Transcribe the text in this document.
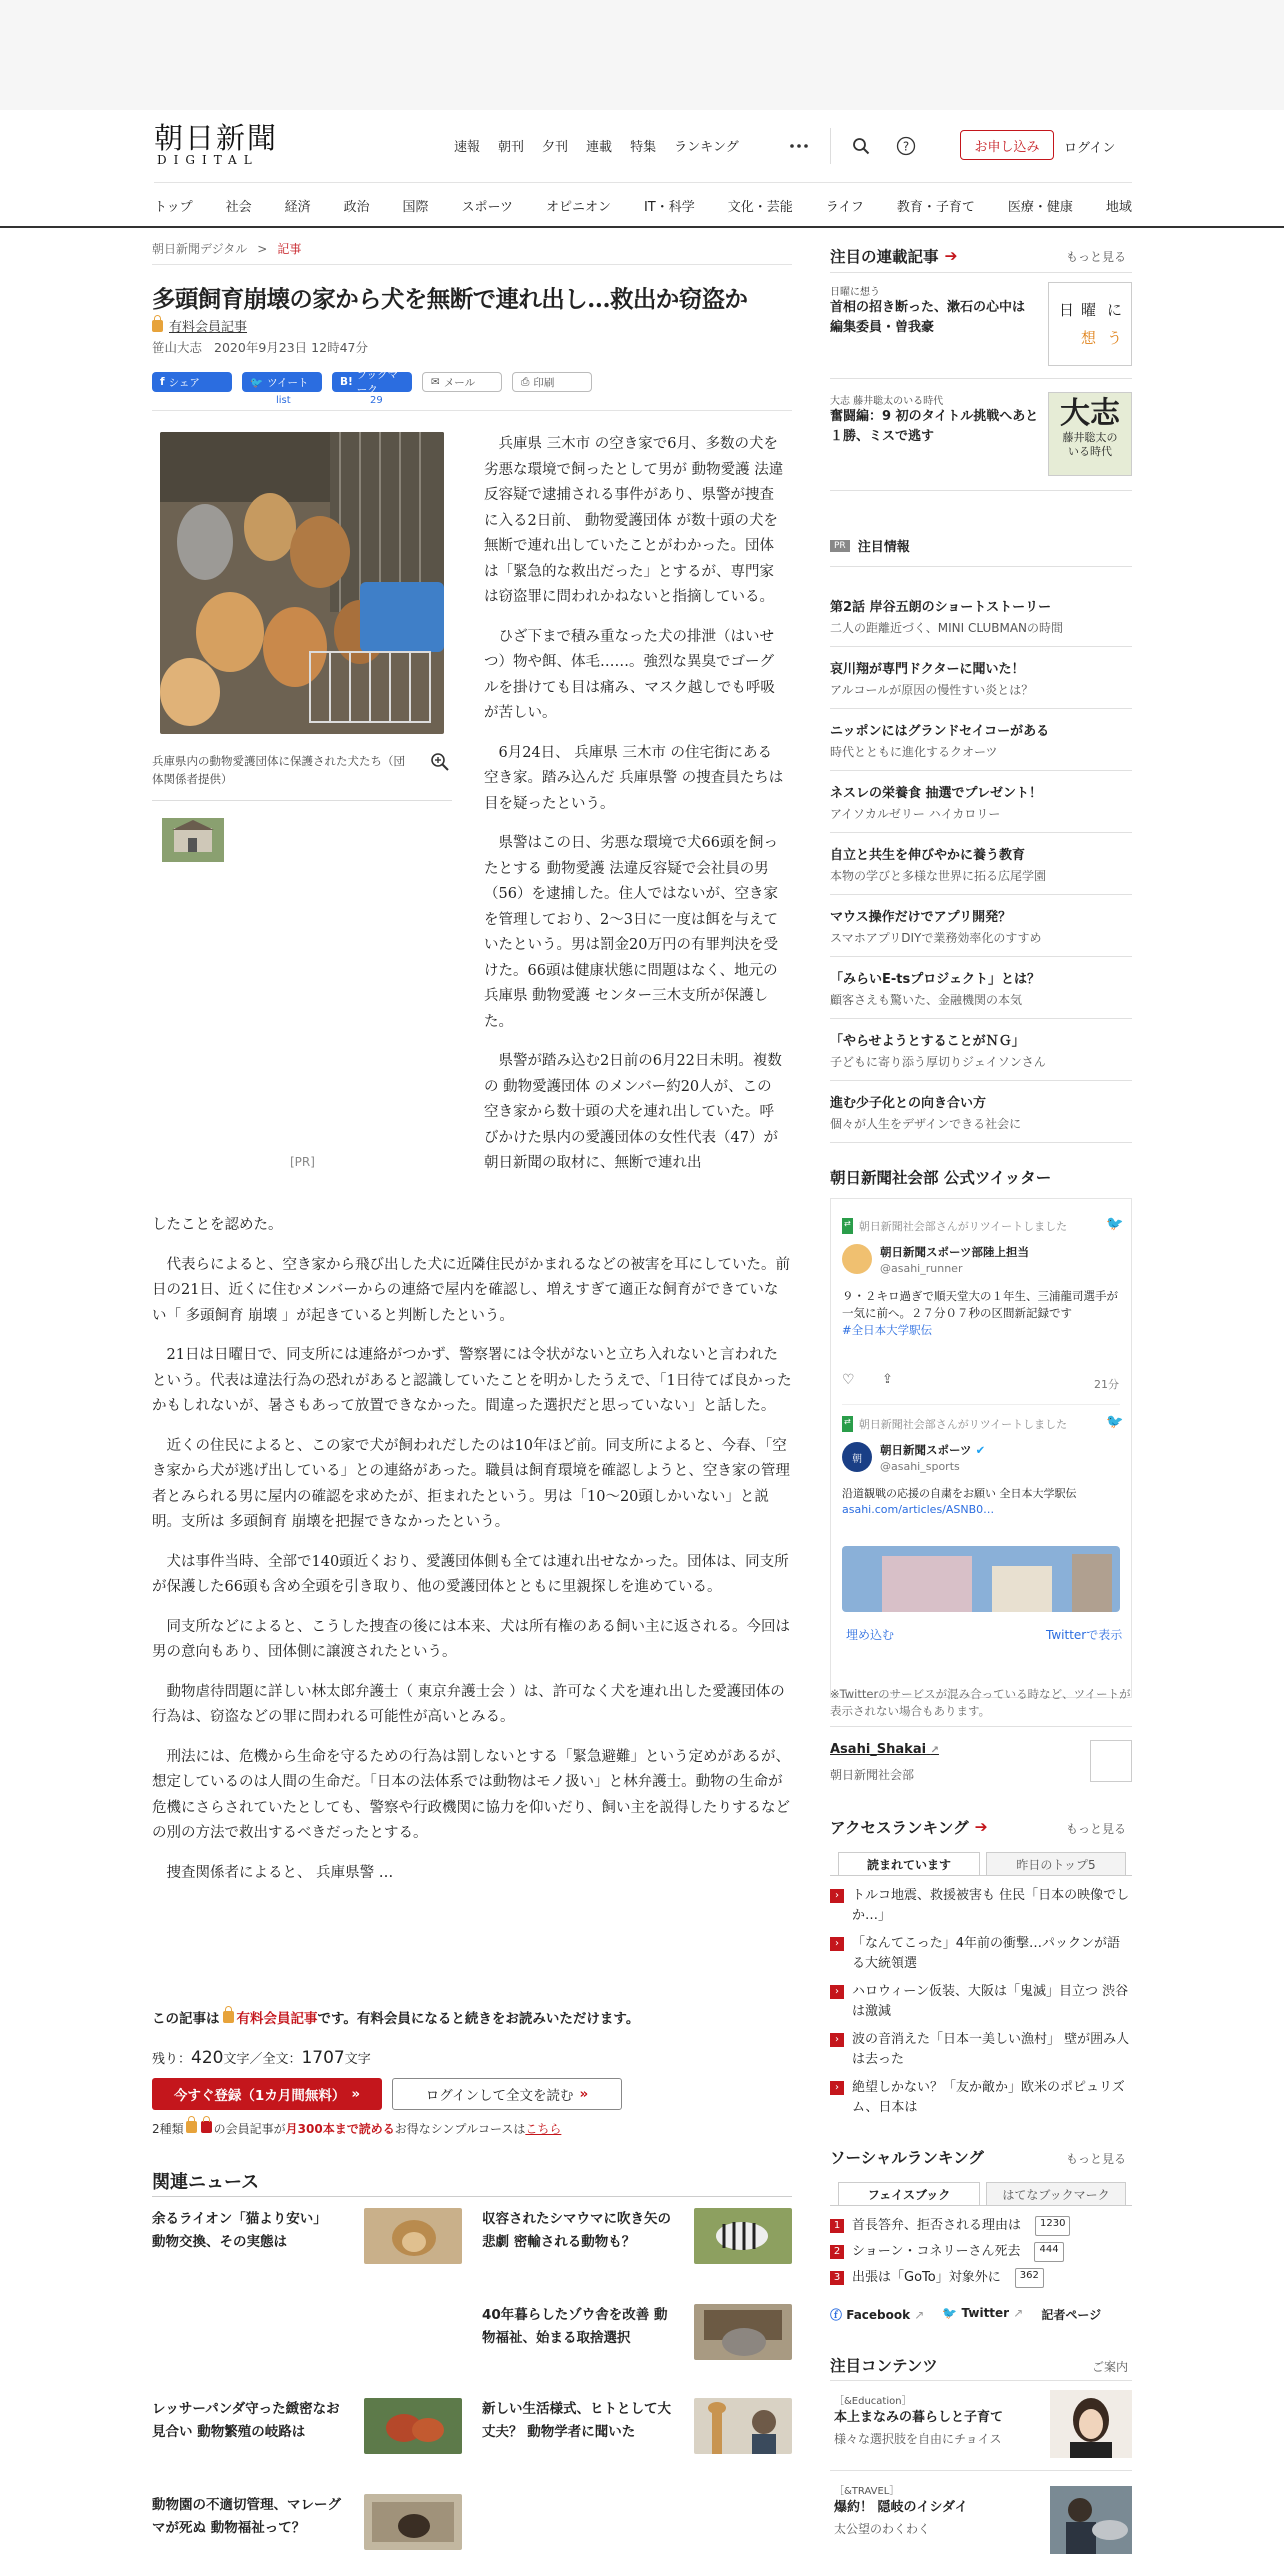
朝日新聞
DIGITAL
速報 朝刊 夕刊 連載 特集 ランキング	?	お申し込み	ログイン
トップ	社会	経済	政治	国際	スポーツ	オピニオン	IT・科学	文化・芸能	ライフ	教育・子育て	医療・健康	地域
朝日新聞デジタル > 記事
多頭飼育崩壊の家から犬を無断で連れ出し…救出か窃盗か
有料会員記事
笹山大志 2020年9月23日 12時47分
f シェア	🐦 ツイート
list
B!
ブックマーク
29
✉ メール	⎙ 印刷
兵庫県内の動物愛護団体に保護された犬たち（団体関係者提供）
[PR]

兵庫県 三木市 の空き家で6月、多数の犬を劣悪な環境で飼ったとして男が 動物愛護 法違反容疑で逮捕される事件があり、県警が捜査に入る2日前、 動物愛護団体 が数十頭の犬を無断で連れ出していたことがわかった。団体は「緊急的な救出だった」とするが、専門家は窃盗罪に問われかねないと指摘している。

ひざ下まで積み重なった犬の排泄（はいせつ）物や餌、体毛……。強烈な異臭でゴーグルを掛けても目は痛み、マスク越しでも呼吸が苦しい。

6月24日、 兵庫県 三木市 の住宅街にある空き家。踏み込んだ 兵庫県警 の捜査員たちは目を疑ったという。

県警はこの日、劣悪な環境で犬66頭を飼ったとする 動物愛護 法違反容疑で会社員の男（56）を逮捕した。住人ではないが、空き家を管理しており、2～3日に一度は餌を与えていたという。男は罰金20万円の有罪判決を受けた。66頭は健康状態に問題はなく、地元の 兵庫県 動物愛護 センター三木支所が保護した。

県警が踏み込む2日前の6月22日未明。複数の 動物愛護団体 のメンバー約20人が、この空き家から数十頭の犬を連れ出していた。呼びかけた県内の愛護団体の女性代表（47）が朝日新聞の取材に、無断で連れ出

したことを認めた。

代表らによると、空き家から飛び出した犬に近隣住民がかまれるなどの被害を耳にしていた。前日の21日、近くに住むメンバーからの連絡で屋内を確認し、増えすぎて適正な飼育ができていない「 多頭飼育 崩壊 」が起きていると判断したという。

21日は日曜日で、同支所には連絡がつかず、警察署には令状がないと立ち入れないと言われたという。代表は違法行為の恐れがあると認識していたことを明かしたうえで、「1日待てば良かったかもしれないが、暑さもあって放置できなかった。間違った選択だと思っていない」と話した。

近くの住民によると、この家で犬が飼われだしたのは10年ほど前。同支所によると、今春、「空き家から犬が逃げ出している」との連絡があった。職員は飼育環境を確認しようと、空き家の管理者とみられる男に屋内の確認を求めたが、拒まれたという。男は「10～20頭しかいない」と説明。支所は 多頭飼育 崩壊を把握できなかったという。

犬は事件当時、全部で140頭近くおり、愛護団体側も全ては連れ出せなかった。団体は、同支所が保護した66頭も含め全頭を引き取り、他の愛護団体とともに里親探しを進めている。

同支所などによると、こうした捜査の後には本来、犬は所有権のある飼い主に返される。今回は男の意向もあり、団体側に譲渡されたという。

動物虐待問題に詳しい林太郎弁護士（ 東京弁護士会 ）は、許可なく犬を連れ出した愛護団体の行為は、窃盗などの罪に問われる可能性が高いとみる。

刑法には、危機から生命を守るための行為は罰しないとする「緊急避難」という定めがあるが、想定しているのは人間の生命だ。「日本の法体系では動物はモノ扱い」と林弁護士。動物の生命が危機にさらされていたとしても、警察や行政機関に協力を仰いだり、飼い主を説得したりするなどの別の方法で救出するべきだったとする。

捜査関係者によると、 兵庫県警 …

この記事は 有料会員記事です。有料会員になると続きをお読みいただけます。
残り：420文字／全文：1707文字
今すぐ登録（1カ月間無料） »	ログインして全文を読む »
2種類	の会員記事が月300本まで読めるお得なシンプルコースはこちら
関連ニュース
余るライオン「猫より安い」 動物交換、その実態は
収容されたシマウマに吹き矢の悲劇 密輸される動物も？
40年暮らしたゾウ舎を改善 動物福祉、始まる取捨選択
レッサーパンダ守った緻密なお見合い 動物繁殖の岐路は
新しい生活様式、ヒトとして大丈夫？ 動物学者に聞いた
動物園の不適切管理、マレーグマが死ぬ 動物福祉って？
注目の連載記事 ➔	もっと見る
日曜に想う
首相の招き断った、漱石の心中は 編集委員・曽我豪
日 曜 に
想 う
大志 藤井聡太のいる時代
奮闘編：9 初のタイトル挑戦へあと１勝、ミスで逃す
大志
藤井聡太の
いる時代
PR 注目情報
第2話 岸谷五朗のショートストーリー
二人の距離近づく、MINI CLUBMANの時間
哀川翔が専門ドクターに聞いた！
アルコールが原因の慢性すい炎とは？
ニッポンにはグランドセイコーがある
時代とともに進化するクオーツ
ネスレの栄養食 抽選でプレゼント！
アイソカルゼリー ハイカロリー
自立と共生を伸びやかに養う教育
本物の学びと多様な世界に拓る広尾学園
マウス操作だけでアプリ開発？
スマホアプリDIYで業務効率化のすすめ
「みらいE-tsプロジェクト」とは？
顧客さえも驚いた、金融機関の本気
「やらせようとすることがＮＧ」
子どもに寄り添う厚切りジェイソンさん
進む少子化との向き合い方
個々が人生をデザインできる社会に
朝日新聞社会部 公式ツイッター
⇄ 朝日新聞社会部さんがリツイートしました	🐦
朝日新聞スポーツ部陸上担当
@asahi_runner
９・２キロ過ぎで順天堂大の１年生、三浦龍司選手が一気に前へ。２７分０７秒の区間新記録です
#全日本大学駅伝
♡ ⇪	21分
⇄ 朝日新聞社会部さんがリツイートしました	🐦
朝
朝日新聞スポーツ ✔
@asahi_sports
沿道観戦の応援の自粛をお願い 全日本大学駅伝
asahi.com/articles/ASNB0…
埋め込む	Twitterで表示
※Twitterのサービスが混み合っている時など、ツイートが表示されない場合もあります。
Asahi_Shakai ↗
朝日新聞社会部
アクセスランキング ➔	もっと見る
読まれています	昨日のトップ5
›	トルコ地震、救援被害も 住民「日本の映像でしか…」
›	「なんてこった」4年前の衝撃…パックンが語る大統領選
›	ハロウィーン仮装、大阪は「鬼滅」目立つ 渋谷は激減
›	波の音消えた「日本一美しい漁村」 壁が囲み人は去った
›	絶望しかない？「友か敵か」欧米のポピュリズム、日本は
ソーシャルランキング	もっと見る
フェイスブック	はてなブックマーク
1 首長答弁、拒否される理由は	1230
2 ショーン・コネリーさん死去	444
3 出張は「GoTo」対象外に	362
ⓕ Facebook ↗ 🐦 Twitter ↗ 記者ページ
注目コンテンツ	ご案内
［&Education］
本上まなみの暮らしと子育て
様々な選択肢を自由にチョイス
［&TRAVEL］
爆約！ 隠岐のイシダイ
太公望のわくわく
